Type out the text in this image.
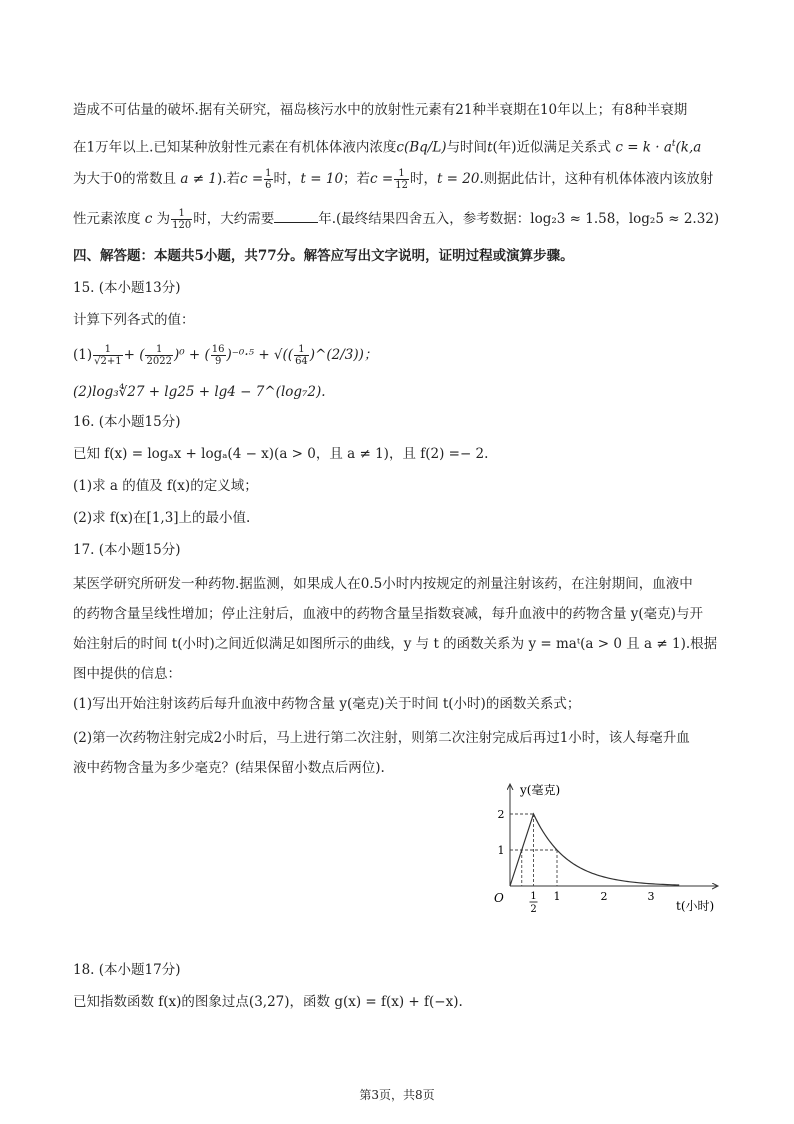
造成不可估量的破坏.据有关研究，福岛核污水中的放射性元素有21种半衰期在10年以上；有8种半衰期
在1万年以上.已知某种放射性元素在有机体体液内浓度c(Bq/L)与时间t(年)近似满足关系式 $c = k \cdot a^t(k,a$
为大于0的常数且 a ≠ 1).若$c = \frac{1}{6}$ 时，t = 10；若$c = \frac{1}{12}$ 时，t = 20.则据此估计，这种有机体体液内该放射
性元素浓度 c 为 $\frac{1}{120}$ 时，大约需要	年.(最终结果四舍五入，参考数据：log₂3 ≈ 1.58，log₂5 ≈ 2.32)
四、解答题：本题共5小题，共77分。解答应写出文字说明，证明过程或演算步骤。
15. (本小题13分)
计算下列各式的值：
$(1) \frac{1}{√2+1}$ + ( $\frac{1}{2022} )^0$ + ( $\frac{16}{9} )^{-0}\cdot^5$ + √(( $\frac{1}{64}$ )^(2/3))；
(2)log₃∜27 + lg25 + lg4 − 7^(log₇2).
16. (本小题15分)
已知 f(x) = logₐx + logₐ(4 − x)(a > 0，且 a ≠ 1)，且 f(2) =− 2.
(1)求 a 的值及 f(x)的定义域；
(2)求 f(x)在[1,3]上的最小值.
17. (本小题15分)
某医学研究所研发一种药物.据监测，如果成人在0.5小时内按规定的剂量注射该药，在注射期间，血液中
的药物含量呈线性增加；停止注射后，血液中的药物含量呈指数衰减，每升血液中的药物含量 y(毫克)与开
始注射后的时间 t(小时)之间近似满足如图所示的曲线，y 与 t 的函数关系为 y = maᵗ(a > 0 且 a ≠ 1).根据
图中提供的信息：
(1)写出开始注射该药后每升血液中药物含量 y(毫克)关于时间 t(小时)的函数关系式；
(2)第一次药物注射完成2小时后，马上进行第二次注射，则第二次注射完成后再过1小时，该人每毫升血
液中药物含量为多少毫克？(结果保留小数点后两位).
y(毫克)
t(小时)
O
1
2
1	2	3
1
2
18. (本小题17分)
已知指数函数 f(x)的图象过点(3,27)，函数 g(x) = f(x) + f(−x).
第3页，共8页
